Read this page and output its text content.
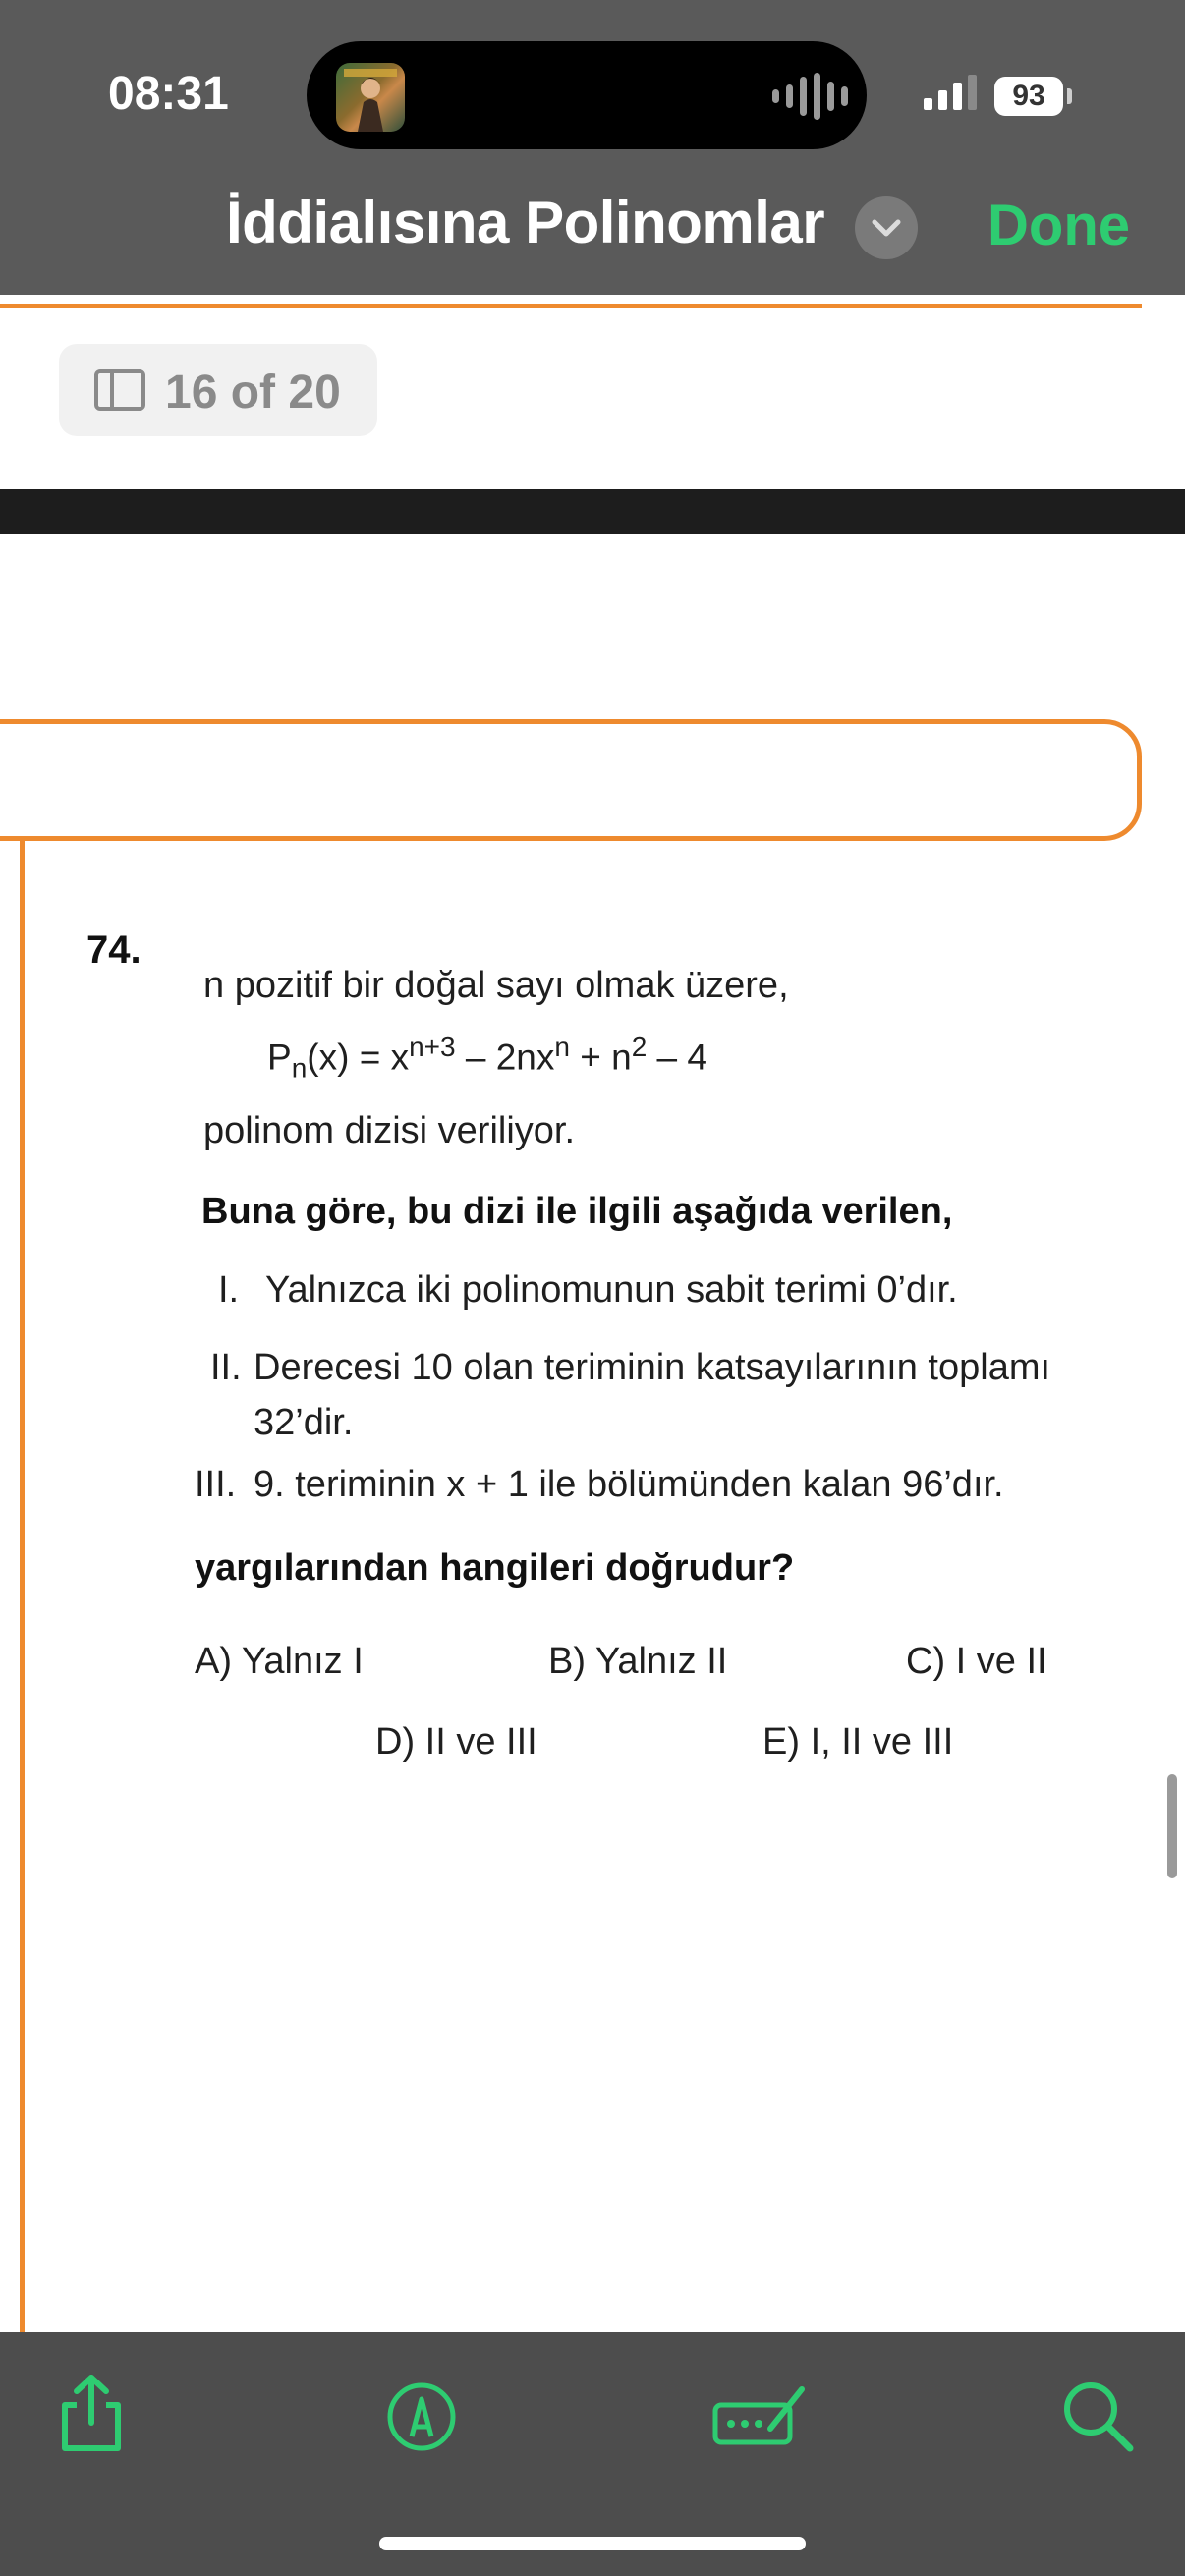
08:31	93
İddialısına Polinomlar	Done
16 of 20
74.
n pozitif bir doğal sayı olmak üzere,
$P_n(x) = x^{n+3} - 2nx^n + n^2 - 4$
polinom dizisi veriliyor.
Buna göre, bu dizi ile ilgili aşağıda verilen,
I. Yalnızca iki polinomunun sabit terimi 0’dır.
II. Derecesi 10 olan teriminin katsayılarının toplamı
32’dir.
III. 9. teriminin x + 1 ile bölümünden kalan 96’dır.
yargılarından hangileri doğrudur?
A) Yalnız I	B) Yalnız II	C) I ve II
D) II ve III	E) I, II ve III
